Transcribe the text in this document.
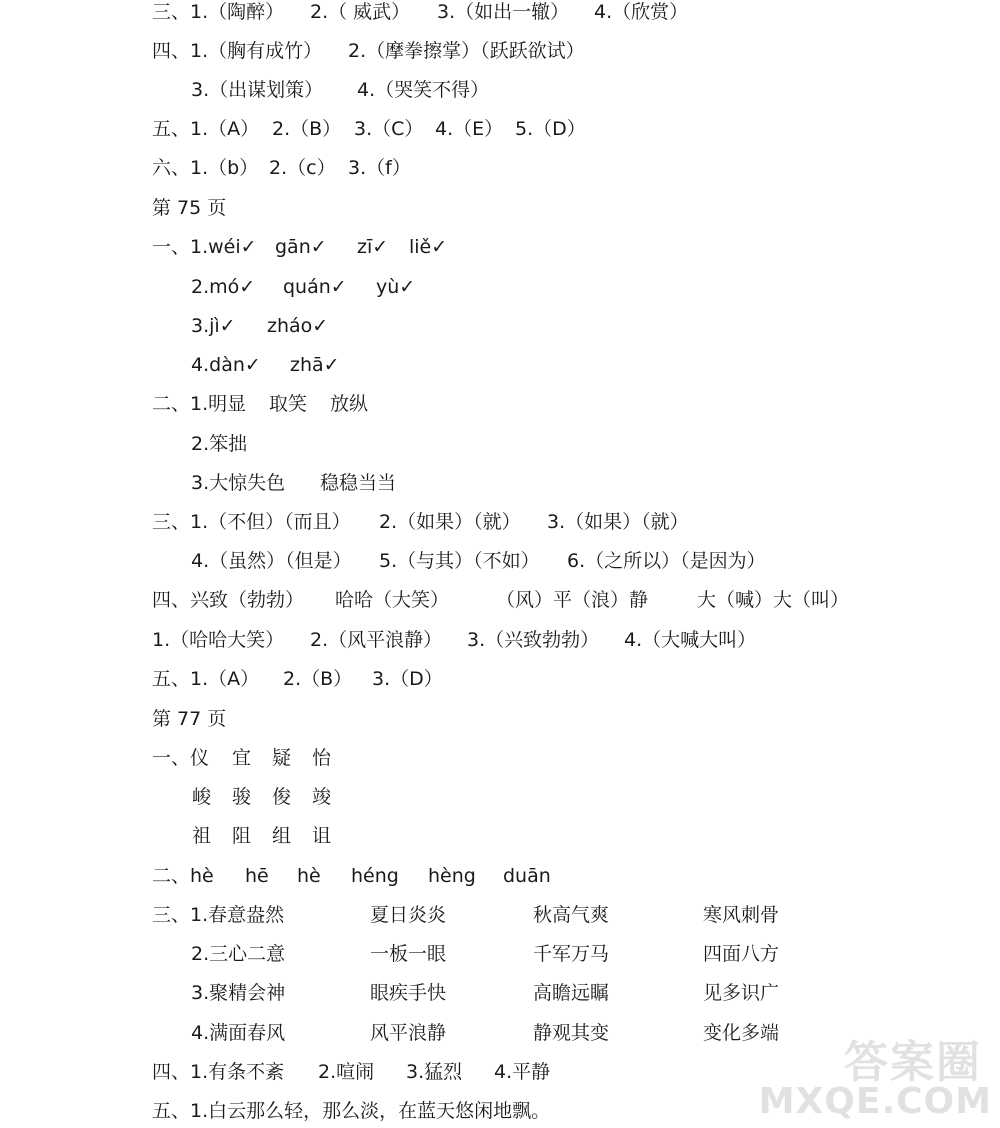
三、1.（陶醉） 2.（ 威武） 3.（如出一辙） 4.（欣赏）
四、1.（胸有成竹） 2.（摩拳擦掌）（跃跃欲试）
3.（出谋划策） 4.（哭笑不得）
五、1.（A） 2.（B） 3.（C） 4.（E） 5.（D）
六、1.（b） 2.（c） 3.（f）
第 75 页
一、1.wéi✓ gān✓ zī✓ liě✓
2.mó✓ quán✓ yù✓
3.jì✓ zháo✓
4.dàn✓ zhā✓
二、1.明显 取笑 放纵
2.笨拙
3.大惊失色 稳稳当当
三、1.（不但）（而且） 2.（如果）（就） 3.（如果）（就）
4.（虽然）（但是） 5.（与其）（不如） 6.（之所以）（是因为）
四、兴致（勃勃） 哈哈（大笑） （风）平（浪）静	大（喊）大（叫）
1.（哈哈大笑） 2.（风平浪静） 3.（兴致勃勃） 4.（大喊大叫）
五、1.（A） 2.（B） 3.（D）
第 77 页
一、仪 宜 疑 怡
峻 骏 俊 竣
祖 阻 组 诅
二、hè hē hè héng hèng duān
三、1.春意盎然	夏日炎炎	秋高气爽	寒风刺骨
2.三心二意	一板一眼	千军万马	四面八方
3.聚精会神	眼疾手快	高瞻远瞩	见多识广
4.满面春风	风平浪静	静观其变	变化多端
四、1.有条不紊 2.喧闹 3.猛烈 4.平静
五、1.白云那么轻，那么淡，在蓝天悠闲地飘。
答案圈
MXQE.COM
